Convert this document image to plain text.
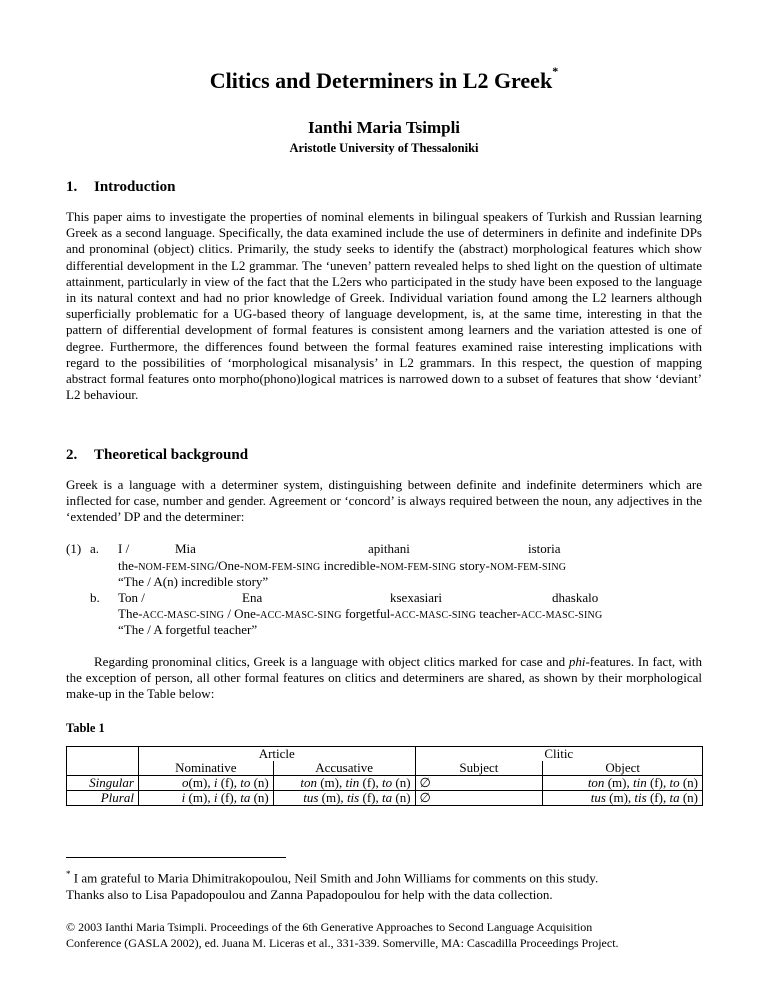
Clitics and Determiners in L2 Greek*
Ianthi Maria Tsimpli
Aristotle University of Thessaloniki
1. Introduction

This paper aims to investigate the properties of nominal elements in bilingual speakers of Turkish and Russian learning Greek as a second language. Specifically, the data examined include the use of determiners in definite and indefinite DPs and pronominal (object) clitics. Primarily, the study seeks to identify the (abstract) morphological features which show differential development in the L2 grammar. The ‘uneven’ pattern revealed helps to shed light on the question of ultimate attainment, particularly in view of the fact that the L2ers who participated in the study have been exposed to the language in its natural context and had no prior knowledge of Greek. Individual variation found among the L2 learners although superficially problematic for a UG-based theory of language development, is, at the same time, interesting in that the pattern of differential development of formal features is consistent among learners and the variation attested is one of degree. Furthermore, the differences found between the formal features examined raise interesting implications with regard to the possibilities of ‘morphological misanalysis’ in L2 grammars. In this respect, the question of mapping abstract formal features onto morpho(phono)logical matrices is narrowed down to a subset of features that show ‘deviant’ L2 behaviour.

2. Theoretical background

Greek is a language with a determiner system, distinguishing between definite and indefinite determiners which are inflected for case, number and gender. Agreement or ‘concord’ is always required between the noun, any adjectives in the ‘extended’ DP and the determiner:

(1) a. I /	Mia	apithani	istoria
the-NOM-FEM-SING/One-NOM-FEM-SING incredible-NOM-FEM-SING story-NOM-FEM-SING
“The / A(n) incredible story”
b. Ton /	Ena	ksexasiari	dhaskalo
The-ACC-MASC-SING / One-ACC-MASC-SING forgetful-ACC-MASC-SING teacher-ACC-MASC-SING
“The / A forgetful teacher”

Regarding pronominal clitics, Greek is a language with object clitics marked for case and phi-features. In fact, with the exception of person, all other formal features on clitics and determiners are shared, as shown by their morphological make-up in the Table below:

Table 1
	Article		Clitic	
	Nominative	Accusative	Subject	Object
Singular	o(m), i (f), to (n)	ton (m), tin (f), to (n)	∅	ton (m), tin (f), to (n)
Plural	i (m), i (f), ta (n)	tus (m), tis (f), ta (n)	∅	tus (m), tis (f), ta (n)
* I am grateful to Maria Dhimitrakopoulou, Neil Smith and John Williams for comments on this study.
Thanks also to Lisa Papadopoulou and Zanna Papadopoulou for help with the data collection.
© 2003 Ianthi Maria Tsimpli. Proceedings of the 6th Generative Approaches to Second Language Acquisition
Conference (GASLA 2002), ed. Juana M. Liceras et al., 331-339. Somerville, MA: Cascadilla Proceedings Project.
